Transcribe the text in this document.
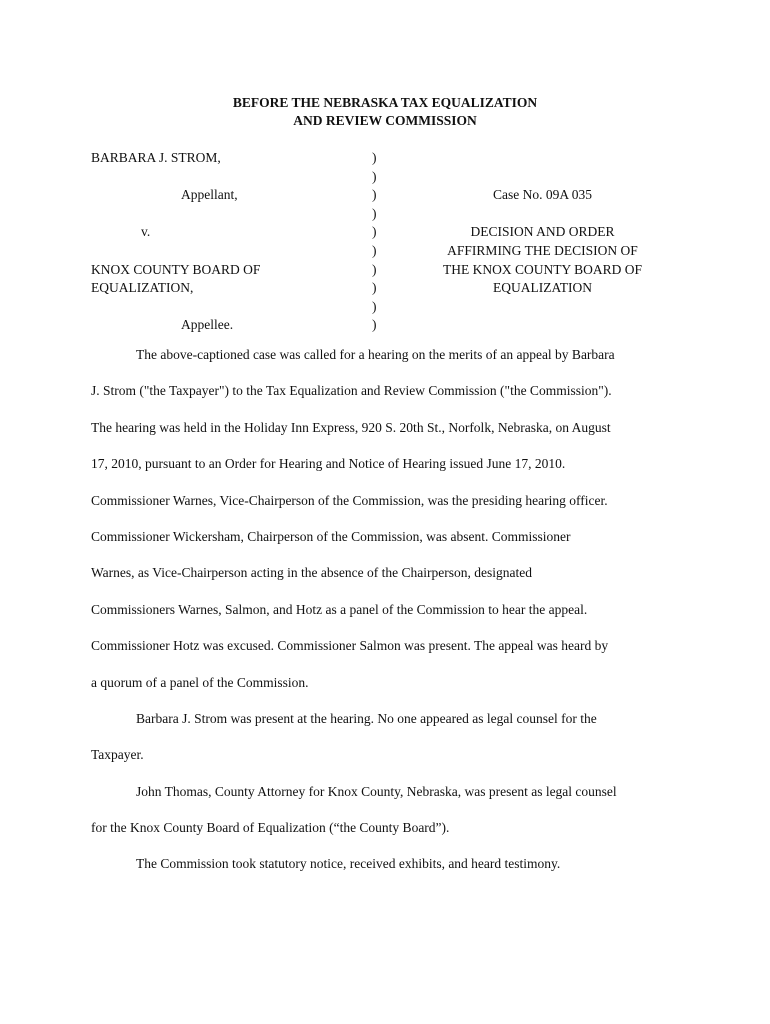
BEFORE THE NEBRASKA TAX EQUALIZATION
AND REVIEW COMMISSION
BARBARA J. STROM,
Appellant,
v.
KNOX COUNTY BOARD OF
EQUALIZATION,
Appellee.
)
)
)
)
)
)
)
)
)
)
Case No. 09A 035
DECISION AND ORDER
AFFIRMING THE DECISION OF
THE KNOX COUNTY BOARD OF
EQUALIZATION
The above-captioned case was called for a hearing on the merits of an appeal by Barbara
J. Strom ("the Taxpayer") to the Tax Equalization and Review Commission ("the Commission").
The hearing was held in the Holiday Inn Express, 920 S. 20th St., Norfolk, Nebraska, on August
17, 2010, pursuant to an Order for Hearing and Notice of Hearing issued June 17, 2010.
Commissioner Warnes, Vice-Chairperson of the Commission, was the presiding hearing officer.
Commissioner Wickersham, Chairperson of the Commission, was absent. Commissioner
Warnes, as Vice-Chairperson acting in the absence of the Chairperson, designated
Commissioners Warnes, Salmon, and Hotz as a panel of the Commission to hear the appeal.
Commissioner Hotz was excused. Commissioner Salmon was present. The appeal was heard by
a quorum of a panel of the Commission.
Barbara J. Strom was present at the hearing. No one appeared as legal counsel for the
Taxpayer.
John Thomas, County Attorney for Knox County, Nebraska, was present as legal counsel
for the Knox County Board of Equalization (“the County Board”).
The Commission took statutory notice, received exhibits, and heard testimony.
